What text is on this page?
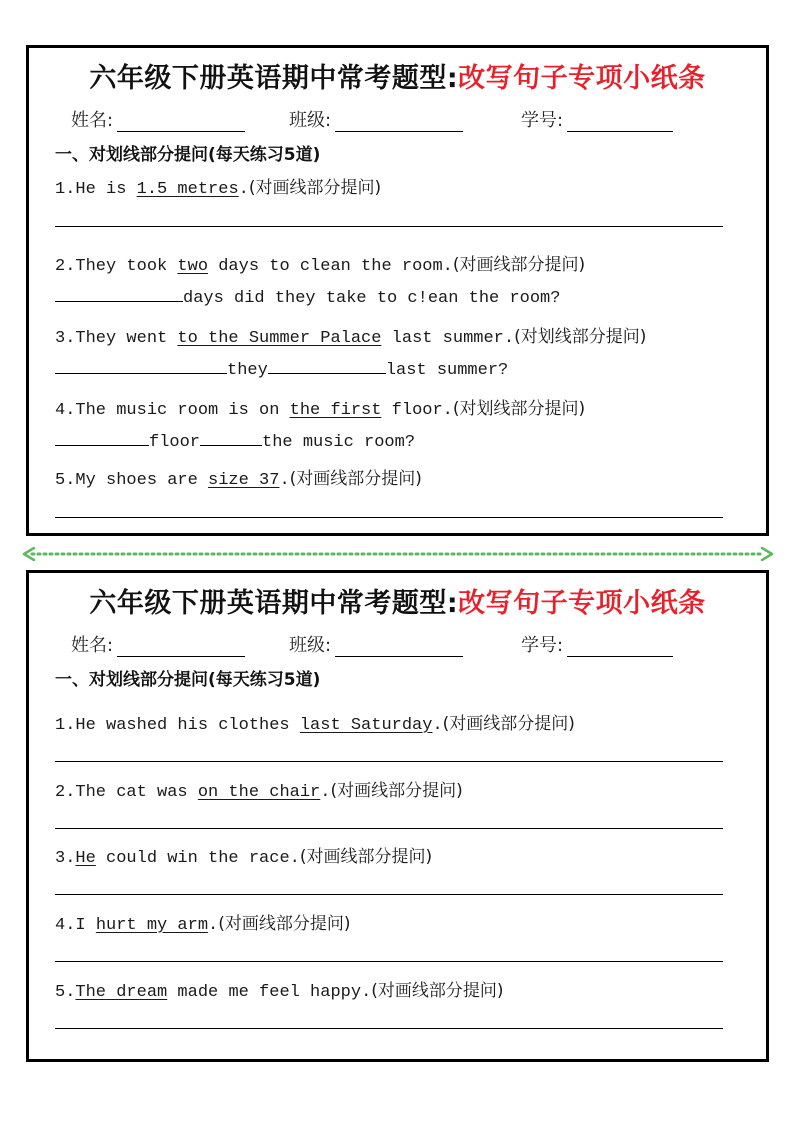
六年级下册英语期中常考题型:改写句子专项小纸条
姓名:	班级:	学号:
一、对划线部分提问(每天练习5道)
1.He is 1.5 metres.(对画线部分提问)
2.They took two days to clean the room.(对画线部分提问)
days did they take to c!ean the room?
3.They went to the Summer Palace last summer.(对划线部分提问)
they	last summer?
4.The music room is on the first floor.(对划线部分提问)
floor	the music room?
5.My shoes are size 37.(对画线部分提问)
六年级下册英语期中常考题型:改写句子专项小纸条
姓名:	班级:	学号:
一、对划线部分提问(每天练习5道)
1.He washed his clothes last Saturday.(对画线部分提问)
2.The cat was on the chair.(对画线部分提问)
3.He could win the race.(对画线部分提问)
4.I hurt my arm.(对画线部分提问)
5.The dream made me feel happy.(对画线部分提问)
